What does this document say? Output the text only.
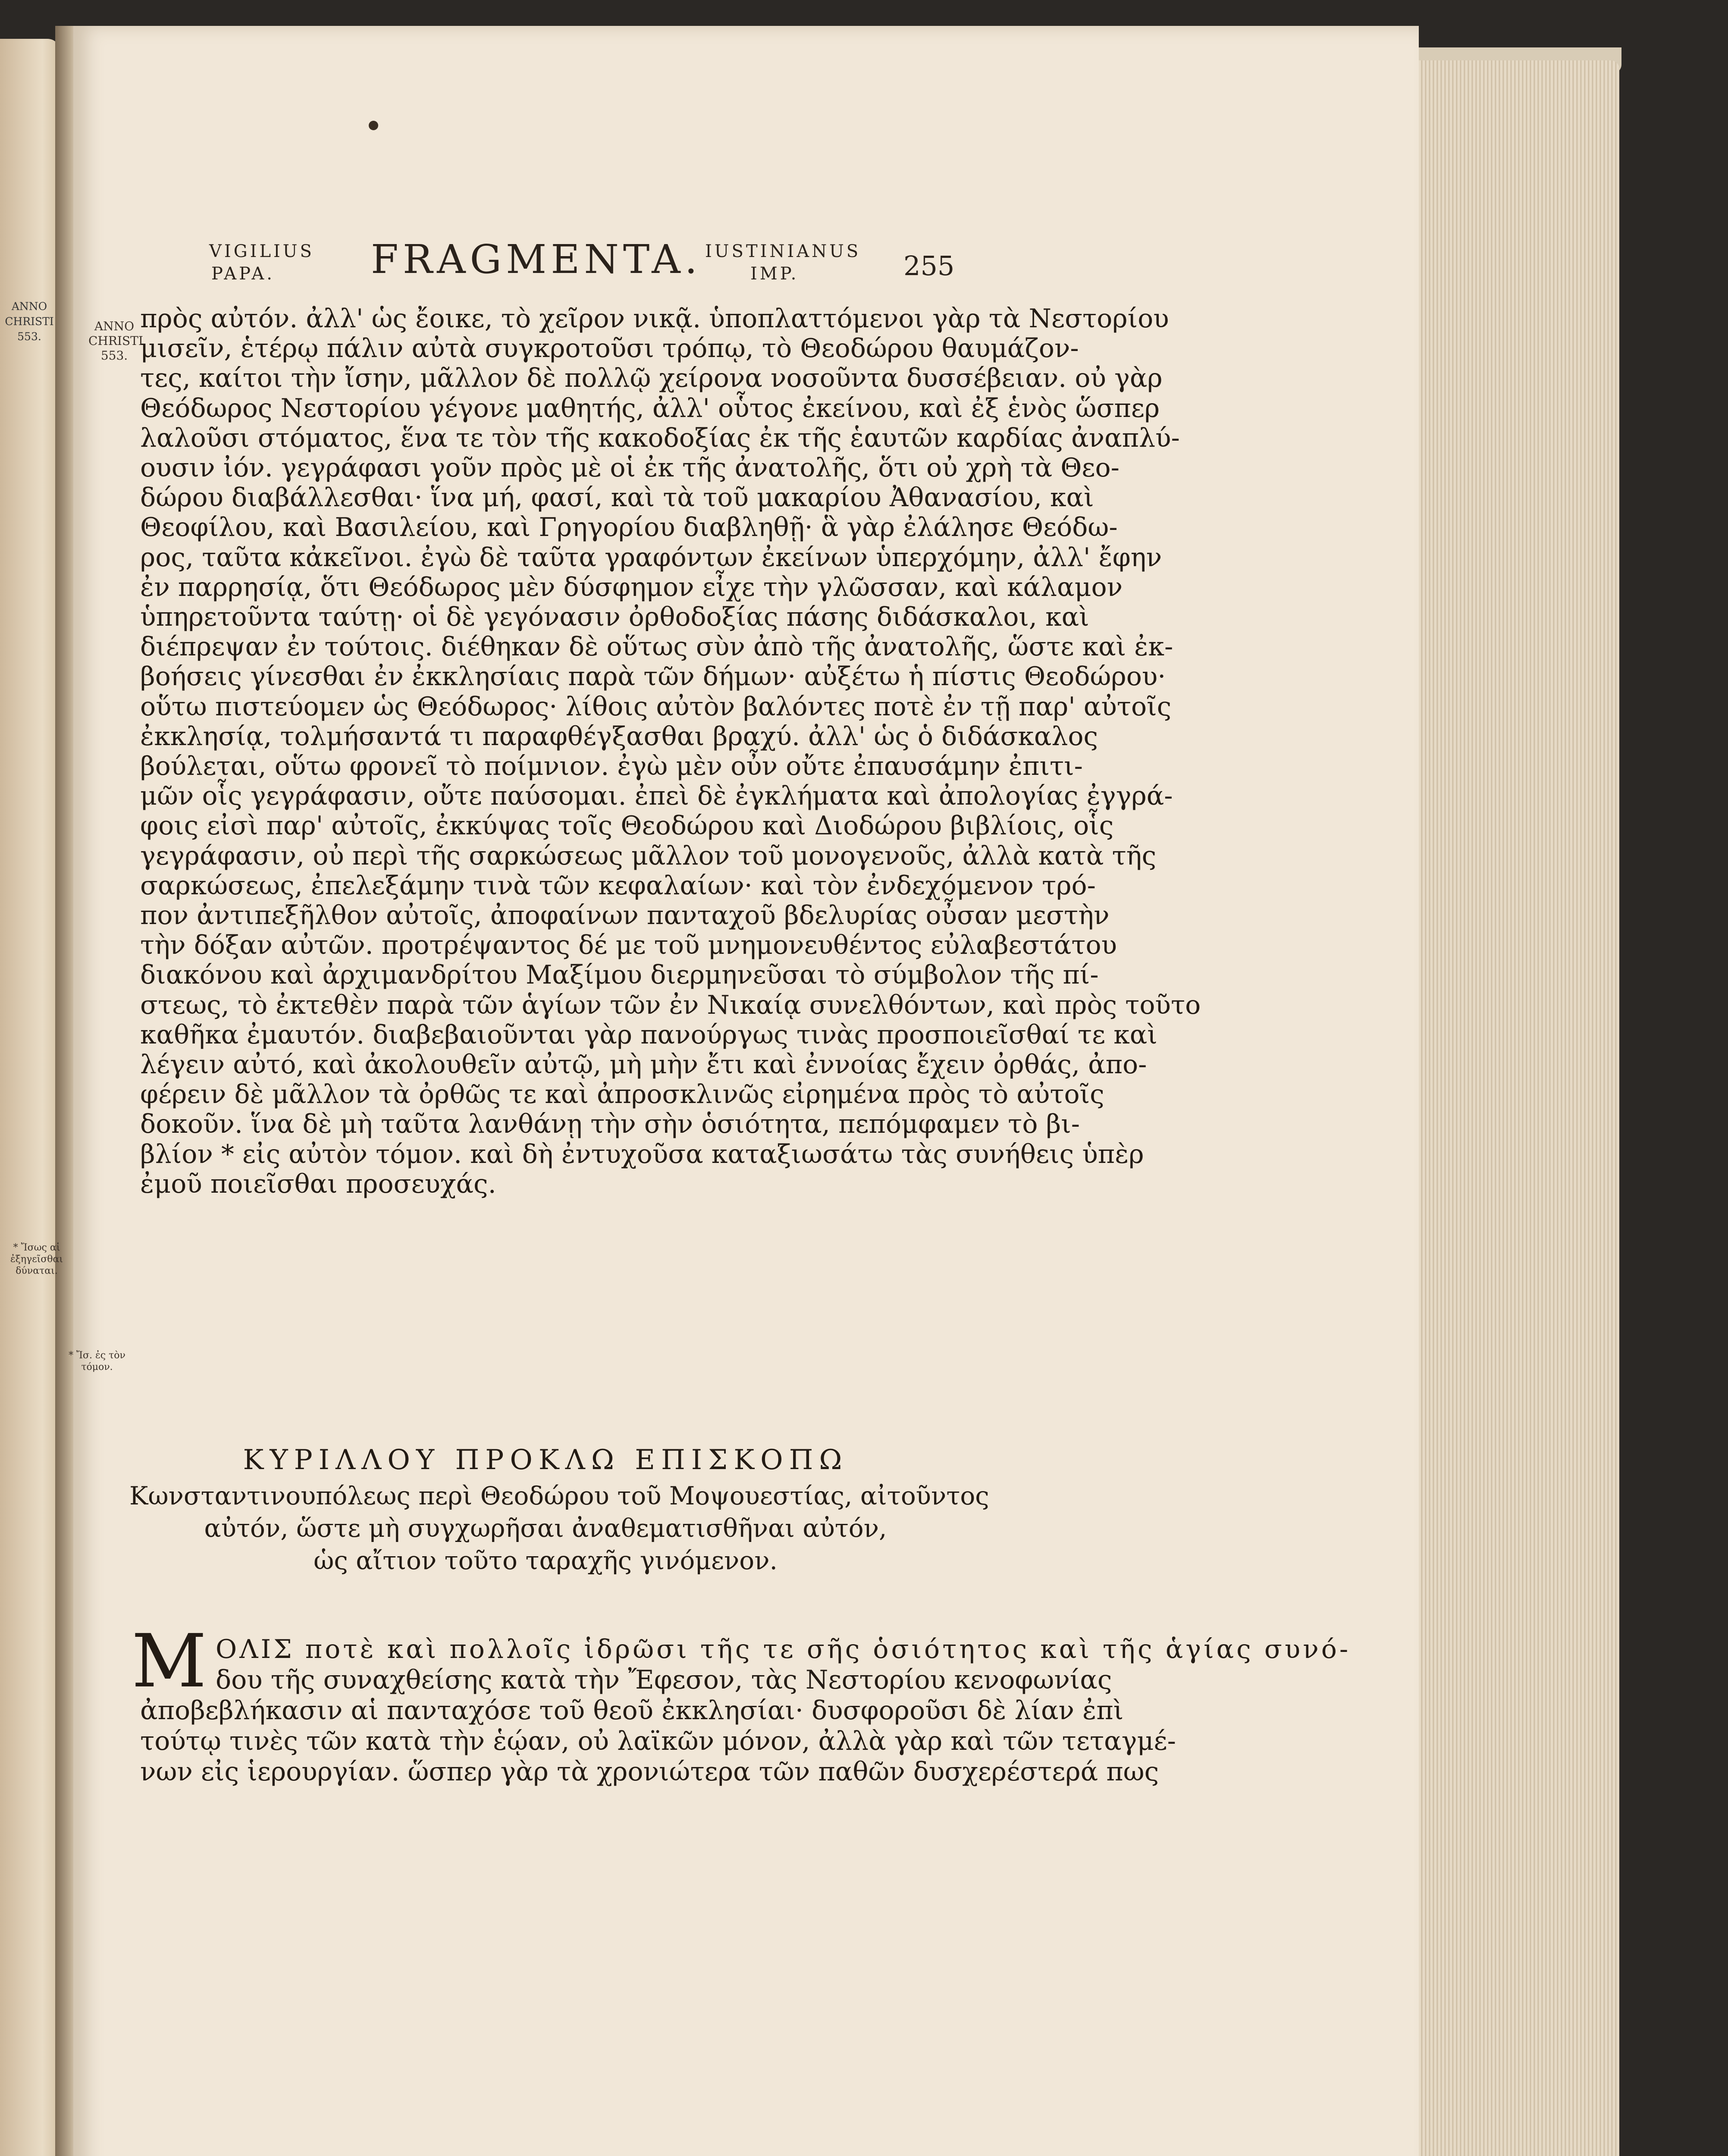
ANNO
CHRISTI
553.
VIGILIUS
PAPA. FRAGMENTA. IUSTINIANUS
IMP.	255
ANNO
CHRISTI
553.
* Ἴσως αἱ
ἐξηγεῖσθαι
δύναται.
* Ἴσ. ἐς τὸν
τόμον.
πρὸς αὐτόν. ἀλλ' ὡς ἔοικε, τὸ χεῖρον νικᾷ. ὑποπλαττόμενοι γὰρ τὰ Νεστορίου
μισεῖν, ἑτέρῳ πάλιν αὐτὰ συγκροτοῦσι τρόπῳ, τὸ Θεοδώρου θαυμάζον-
τες, καίτοι τὴν ἴσην, μᾶλλον δὲ πολλῷ χείρονα νοσοῦντα δυσσέβειαν. οὐ γὰρ
Θεόδωρος Νεστορίου γέγονε μαθητής, ἀλλ' οὗτος ἐκείνου, καὶ ἐξ ἑνὸς ὥσπερ
λαλοῦσι στόματος, ἕνα τε τὸν τῆς κακοδοξίας ἐκ τῆς ἑαυτῶν καρδίας ἀναπλύ-
ουσιν ἰόν. γεγράφασι γοῦν πρὸς μὲ οἱ ἐκ τῆς ἀνατολῆς, ὅτι οὐ χρὴ τὰ Θεο-
δώρου διαβάλλεσθαι· ἵνα μή, φασί, καὶ τὰ τοῦ μακαρίου Ἀθανασίου, καὶ
Θεοφίλου, καὶ Βασιλείου, καὶ Γρηγορίου διαβληθῇ· ἃ γὰρ ἐλάλησε Θεόδω-
ρος, ταῦτα κἀκεῖνοι. ἐγὼ δὲ ταῦτα γραφόντων ἐκείνων ὑπερχόμην, ἀλλ' ἔφην
ἐν παρρησίᾳ, ὅτι Θεόδωρος μὲν δύσφημον εἶχε τὴν γλῶσσαν, καὶ κάλαμον
ὑπηρετοῦντα ταύτῃ· οἱ δὲ γεγόνασιν ὀρθοδοξίας πάσης διδάσκαλοι, καὶ
διέπρεψαν ἐν τούτοις. διέθηκαν δὲ οὕτως σὺν ἀπὸ τῆς ἀνατολῆς, ὥστε καὶ ἐκ-
βοήσεις γίνεσθαι ἐν ἐκκλησίαις παρὰ τῶν δήμων· αὐξέτω ἡ πίστις Θεοδώρου·
οὕτω πιστεύομεν ὡς Θεόδωρος· λίθοις αὐτὸν βαλόντες ποτὲ ἐν τῇ παρ' αὐτοῖς
ἐκκλησίᾳ, τολμήσαντά τι παραφθέγξασθαι βραχύ. ἀλλ' ὡς ὁ διδάσκαλος
βούλεται, οὕτω φρονεῖ τὸ ποίμνιον. ἐγὼ μὲν οὖν οὔτε ἐπαυσάμην ἐπιτι-
μῶν οἷς γεγράφασιν, οὔτε παύσομαι. ἐπεὶ δὲ ἐγκλήματα καὶ ἀπολογίας ἐγγρά-
φοις εἰσὶ παρ' αὐτοῖς, ἐκκύψας τοῖς Θεοδώρου καὶ Διοδώρου βιβλίοις, οἷς
γεγράφασιν, οὐ περὶ τῆς σαρκώσεως μᾶλλον τοῦ μονογενοῦς, ἀλλὰ κατὰ τῆς
σαρκώσεως, ἐπελεξάμην τινὰ τῶν κεφαλαίων· καὶ τὸν ἐνδεχόμενον τρό-
πον ἀντιπεξῆλθον αὐτοῖς, ἀποφαίνων πανταχοῦ βδελυρίας οὖσαν μεστὴν
τὴν δόξαν αὐτῶν. προτρέψαντος δέ με τοῦ μνημονευθέντος εὐλαβεστάτου
διακόνου καὶ ἀρχιμανδρίτου Μαξίμου διερμηνεῦσαι τὸ σύμβολον τῆς πί-
στεως, τὸ ἐκτεθὲν παρὰ τῶν ἁγίων τῶν ἐν Νικαίᾳ συνελθόντων, καὶ πρὸς τοῦτο
καθῆκα ἐμαυτόν. διαβεβαιοῦνται γὰρ πανούργως τινὰς προσποιεῖσθαί τε καὶ
λέγειν αὐτό, καὶ ἀκολουθεῖν αὐτῷ, μὴ μὴν ἔτι καὶ ἐννοίας ἔχειν ὀρθάς, ἀπο-
φέρειν δὲ μᾶλλον τὰ ὀρθῶς τε καὶ ἀπροσκλινῶς εἰρημένα πρὸς τὸ αὐτοῖς
δοκοῦν. ἵνα δὲ μὴ ταῦτα λανθάνῃ τὴν σὴν ὁσιότητα, πεπόμφαμεν τὸ βι-
βλίον * εἰς αὐτὸν τόμον. καὶ δὴ ἐντυχοῦσα καταξιωσάτω τὰς συνήθεις ὑπὲρ
ἐμοῦ ποιεῖσθαι προσευχάς.
ΚΥΡΙΛΛΟΥ ΠΡΟΚΛΩ ΕΠΙΣΚΟΠΩ
Κωνσταντινουπόλεως περὶ Θεοδώρου τοῦ Μοψουεστίας, αἰτοῦντος
αὐτόν, ὥστε μὴ συγχωρῆσαι ἀναθεματισθῆναι αὐτόν,
ὡς αἴτιον τοῦτο ταραχῆς γινόμενον.
Μ ΟΛΙΣ ποτὲ καὶ πολλοῖς ἱδρῶσι τῆς τε σῆς ὁσιότητος καὶ τῆς ἁγίας συνό-
δου τῆς συναχθείσης κατὰ τὴν Ἔφεσον, τὰς Νεστορίου κενοφωνίας
ἀποβεβλήκασιν αἱ πανταχόσε τοῦ θεοῦ ἐκκλησίαι· δυσφοροῦσι δὲ λίαν ἐπὶ
τούτῳ τινὲς τῶν κατὰ τὴν ἑῴαν, οὐ λαϊκῶν μόνον, ἀλλὰ γὰρ καὶ τῶν τεταγμέ-
νων εἰς ἱερουργίαν. ὥσπερ γὰρ τὰ χρονιώτερα τῶν παθῶν δυσχερέστερά πως
